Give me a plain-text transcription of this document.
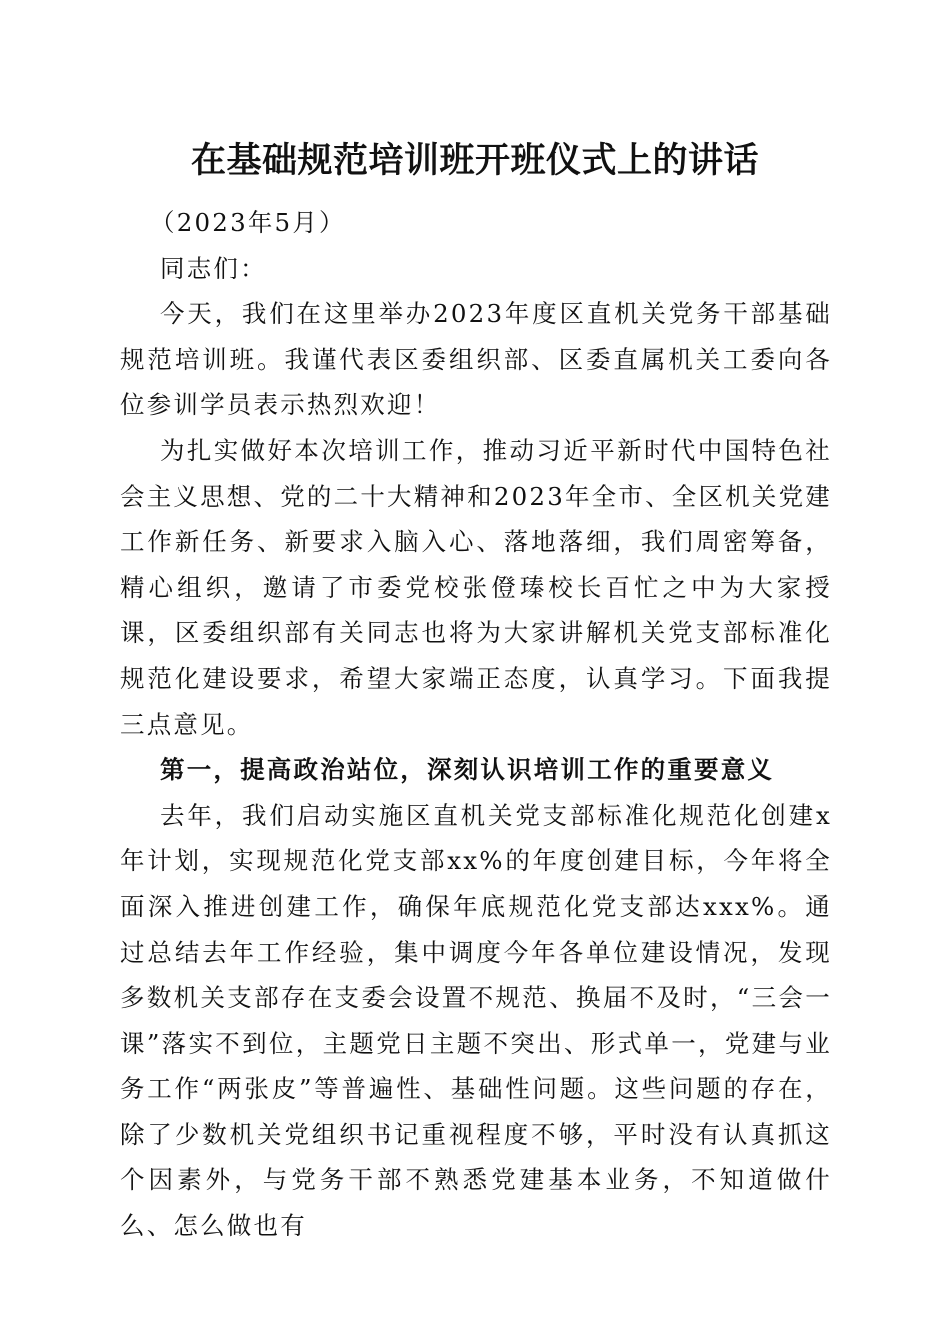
在基础规范培训班开班仪式上的讲话

（2023年5月）

同志们：

今天，我们在这里举办2023年度区直机关党务干部基础规范培训班。我谨代表区委组织部、区委直属机关工委向各位参训学员表示热烈欢迎！

为扎实做好本次培训工作，推动习近平新时代中国特色社会主义思想、党的二十大精神和2023年全市、全区机关党建工作新任务、新要求入脑入心、落地落细，我们周密筹备，精心组织，邀请了市委党校张僜瑧校长百忙之中为大家授课，区委组织部有关同志也将为大家讲解机关党支部标准化规范化建设要求，希望大家端正态度，认真学习。下面我提三点意见。

第一，提高政治站位，深刻认识培训工作的重要意义

去年，我们启动实施区直机关党支部标准化规范化创建x年计划，实现规范化党支部xx%的年度创建目标，今年将全面深入推进创建工作，确保年底规范化党支部达xxx%。通过总结去年工作经验，集中调度今年各单位建设情况，发现多数机关支部存在支委会设置不规范、换届不及时，“三会一课”落实不到位，主题党日主题不突出、形式单一，党建与业务工作“两张皮”等普遍性、基础性问题。这些问题的存在，除了少数机关党组织书记重视程度不够，平时没有认真抓这个因素外，与党务干部不熟悉党建基本业务，不知道做什么、怎么做也有
